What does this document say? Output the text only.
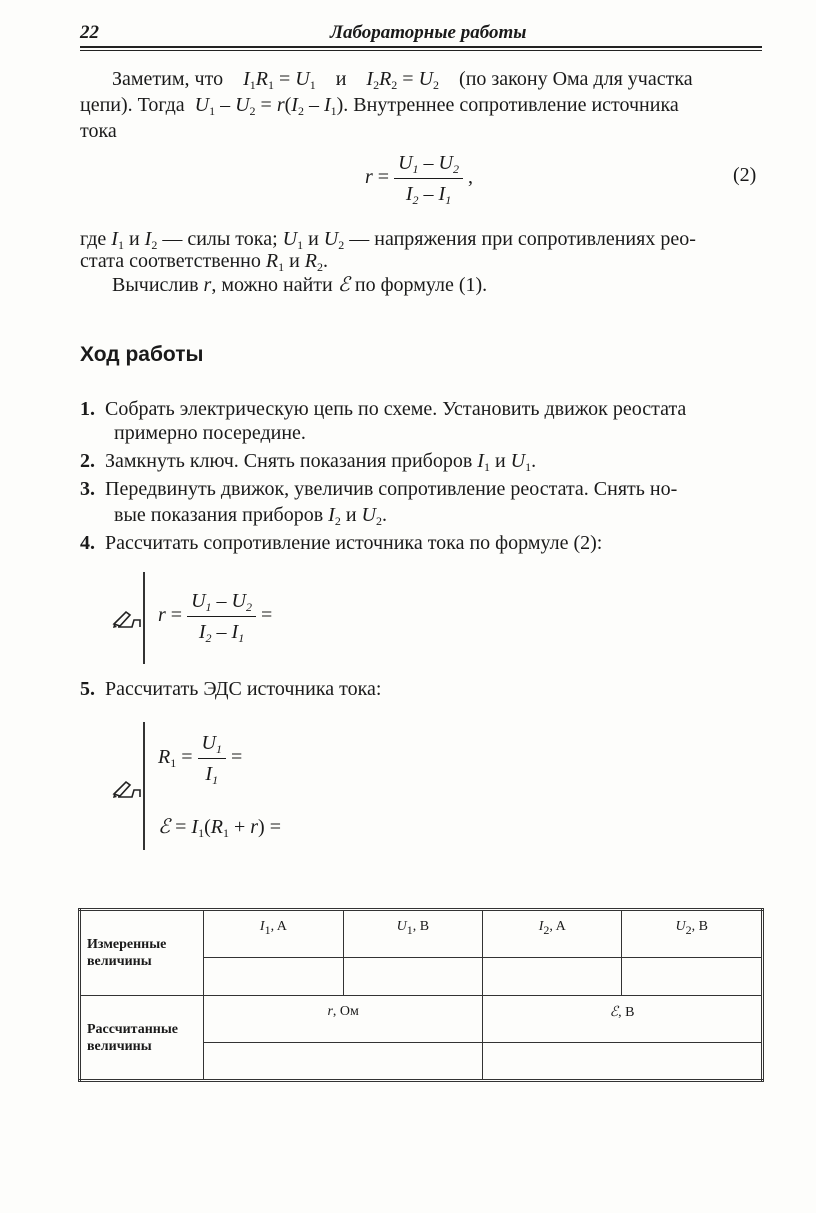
22	Лабораторные работы
Заметим, что $I_1R_1 = U_1$ и $I_2R_2 = U_2$ (по закону Ома для участка
цепи). Тогда $U_1 - U_2 = r(I_2 - I_1)$. Внутреннее сопротивление источника
тока
$r = \frac{U_1 - U_2}{I_2 - I_1}$ ,	(2)
где $I_1$ и $I_2$ — силы тока; $U_1$ и $U_2$ — напряжения при сопротивлениях рео-
стата соответственно $R_1$ и $R_2$.
Вычислив r, можно найти ℰ по формуле (1).
Ход работы
1. Собрать электрическую цепь по схеме. Установить движок реостата
примерно посередине.
2. Замкнуть ключ. Снять показания приборов $I_1$ и $U_1$.
3. Передвинуть движок, увеличив сопротивление реостата. Снять но-
вые показания приборов $I_2$ и $U_2$.
4. Рассчитать сопротивление источника тока по формуле (2):
$r = \frac{U_1 - U_2}{I_2 - I_1}$ =
5. Рассчитать ЭДС источника тока:
$R_1 = \frac{U_1}{I_1}$ =
ℰ = $I_1(R_1 + r)$ =
Измеренные величины	$I_1$, A	$U_1$, B	$I_2$, A	$U_2$, B

Рассчитанные величины	r, Ом		ℰ, В	
